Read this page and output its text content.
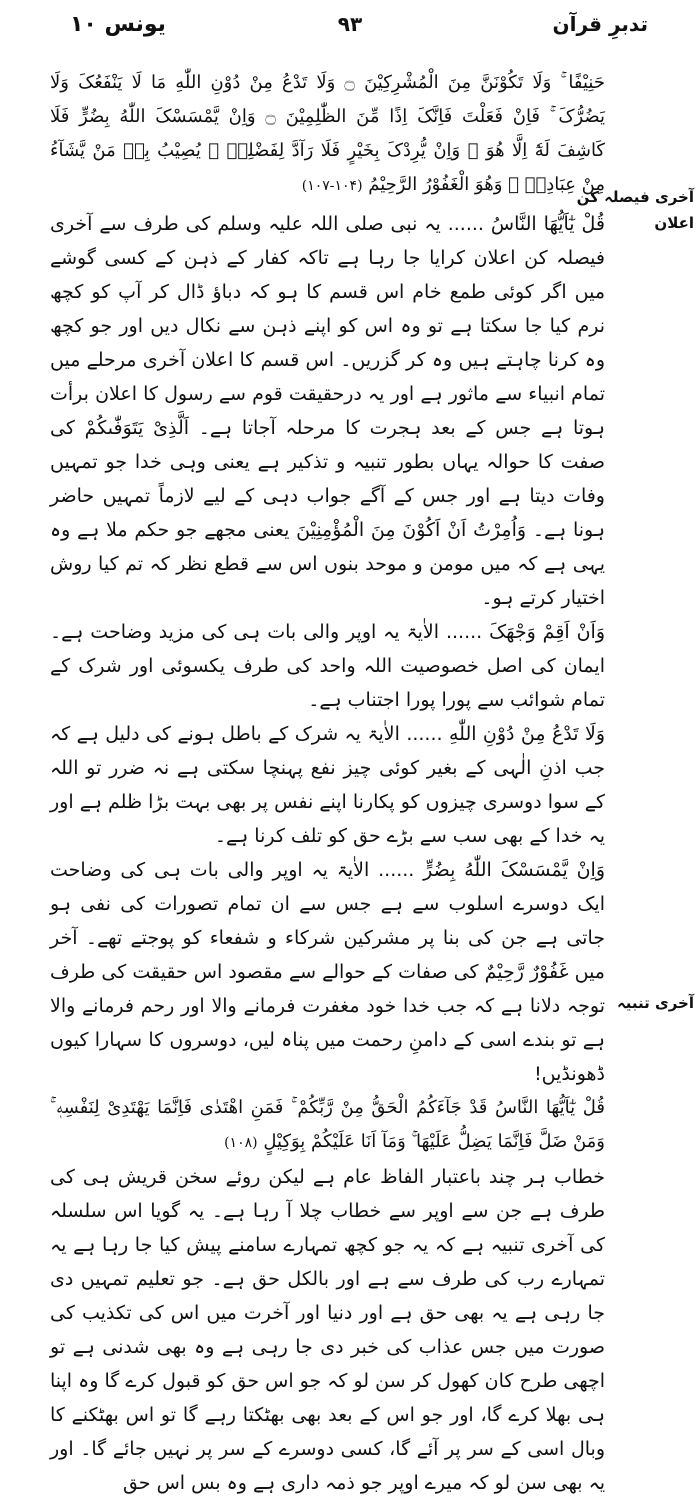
یونس ۱۰	۹۳	تدبرِ قرآن
آخری فیصلہ کن
اعلان
آخری تنبیہ

حَنِیْفًا ۚ وَلَا تَکُوْنَنَّ مِنَ الْمُشْرِکِیْنَ ۝ وَلَا تَدْعُ مِنْ دُوْنِ اللّٰهِ مَا لَا یَنْفَعُکَ وَلَا یَضُرُّکَ ۚ فَاِنْ فَعَلْتَ فَاِنَّکَ اِذًا مِّنَ الظّٰلِمِیْنَ ۝ وَاِنْ یَّمْسَسْکَ اللّٰهُ بِضُرٍّ فَلَا کَاشِفَ لَهٗٓ اِلَّا هُوَ ۚ وَاِنْ یُّرِدْکَ بِخَیْرٍ فَلَا رَآدَّ لِفَضْلِهٖ ۚ یُصِیْبُ بِهٖ مَنْ یَّشَآءُ مِنْ عِبَادِهٖ ۚ وَهُوَ الْغَفُوْرُ الرَّحِیْمُ (۱۰۴-۱۰۷)

قُلْ یٰٓاَیُّهَا النَّاسُ ...... یہ نبی صلی اللہ علیہ وسلم کی طرف سے آخری فیصلہ کن اعلان کرایا جا رہا ہے تاکہ کفار کے ذہن کے کسی گوشے میں اگر کوئی طمع خام اس قسم کا ہو کہ دباؤ ڈال کر آپ کو کچھ نرم کیا جا سکتا ہے تو وہ اس کو اپنے ذہن سے نکال دیں اور جو کچھ وہ کرنا چاہتے ہیں وہ کر گزریں۔ اس قسم کا اعلان آخری مرحلے میں تمام انبیاء سے ماثور ہے اور یہ درحقیقت قوم سے رسول کا اعلان برأت ہوتا ہے جس کے بعد ہجرت کا مرحلہ آجاتا ہے۔ اَلَّذِیْ یَتَوَفّٰىکُمْ کی صفت کا حوالہ یہاں بطور تنبیہ و تذکیر ہے یعنی وہی خدا جو تمہیں وفات دیتا ہے اور جس کے آگے جواب دہی کے لیے لازماً تمہیں حاضر ہونا ہے۔ وَاُمِرْتُ اَنْ اَکُوْنَ مِنَ الْمُؤْمِنِیْنَ یعنی مجھے جو حکم ملا ہے وہ یہی ہے کہ میں مومن و موحد بنوں اس سے قطع نظر کہ تم کیا روش اختیار کرتے ہو۔

وَاَنْ اَقِمْ وَجْهَکَ ...... الاٰیۃ یہ اوپر والی بات ہی کی مزید وضاحت ہے۔ ایمان کی اصل خصوصیت اللہ واحد کی طرف یکسوئی اور شرک کے تمام شوائب سے پورا پورا اجتناب ہے۔

وَلَا تَدْعُ مِنْ دُوْنِ اللّٰهِ ...... الاٰیۃ یہ شرک کے باطل ہونے کی دلیل ہے کہ جب اذنِ الٰہی کے بغیر کوئی چیز نفع پہنچا سکتی ہے نہ ضرر تو اللہ کے سوا دوسری چیزوں کو پکارنا اپنے نفس پر بھی بہت بڑا ظلم ہے اور یہ خدا کے بھی سب سے بڑے حق کو تلف کرنا ہے۔

وَاِنْ یَّمْسَسْکَ اللّٰهُ بِضُرٍّ ...... الاٰیۃ یہ اوپر والی بات ہی کی وضاحت ایک دوسرے اسلوب سے ہے جس سے ان تمام تصورات کی نفی ہو جاتی ہے جن کی بنا پر مشرکین شرکاء و شفعاء کو پوجتے تھے۔ آخر میں غَفُوْرٌ رَّحِیْمٌ کی صفات کے حوالے سے مقصود اس حقیقت کی طرف توجہ دلانا ہے کہ جب خدا خود مغفرت فرمانے والا اور رحم فرمانے والا ہے تو بندے اسی کے دامنِ رحمت میں پناہ لیں، دوسروں کا سہارا کیوں ڈھونڈیں!

قُلْ یٰٓاَیُّهَا النَّاسُ قَدْ جَآءَکُمُ الْحَقُّ مِنْ رَّبِّکُمْ ۚ فَمَنِ اهْتَدٰی فَاِنَّمَا یَهْتَدِیْ لِنَفْسِهٖ ۚ وَمَنْ ضَلَّ فَاِنَّمَا یَضِلُّ عَلَیْهَا ۚ وَمَآ اَنَا عَلَیْکُمْ بِوَکِیْلٍ (۱۰۸)

خطاب ہر چند باعتبار الفاظ عام ہے لیکن روئے سخن قریش ہی کی طرف ہے جن سے اوپر سے خطاب چلا آ رہا ہے۔ یہ گویا اس سلسلہ کی آخری تنبیہ ہے کہ یہ جو کچھ تمہارے سامنے پیش کیا جا رہا ہے یہ تمہارے رب کی طرف سے ہے اور بالکل حق ہے۔ جو تعلیم تمہیں دی جا رہی ہے یہ بھی حق ہے اور دنیا اور آخرت میں اس کی تکذیب کی صورت میں جس عذاب کی خبر دی جا رہی ہے وہ بھی شدنی ہے تو اچھی طرح کان کھول کر سن لو کہ جو اس حق کو قبول کرے گا وہ اپنا ہی بھلا کرے گا، اور جو اس کے بعد بھی بھٹکتا رہے گا تو اس بھٹکنے کا وبال اسی کے سر پر آئے گا، کسی دوسرے کے سر پر نہیں جائے گا۔ اور یہ بھی سن لو کہ میرے اوپر جو ذمہ داری ہے وہ بس اس حق
